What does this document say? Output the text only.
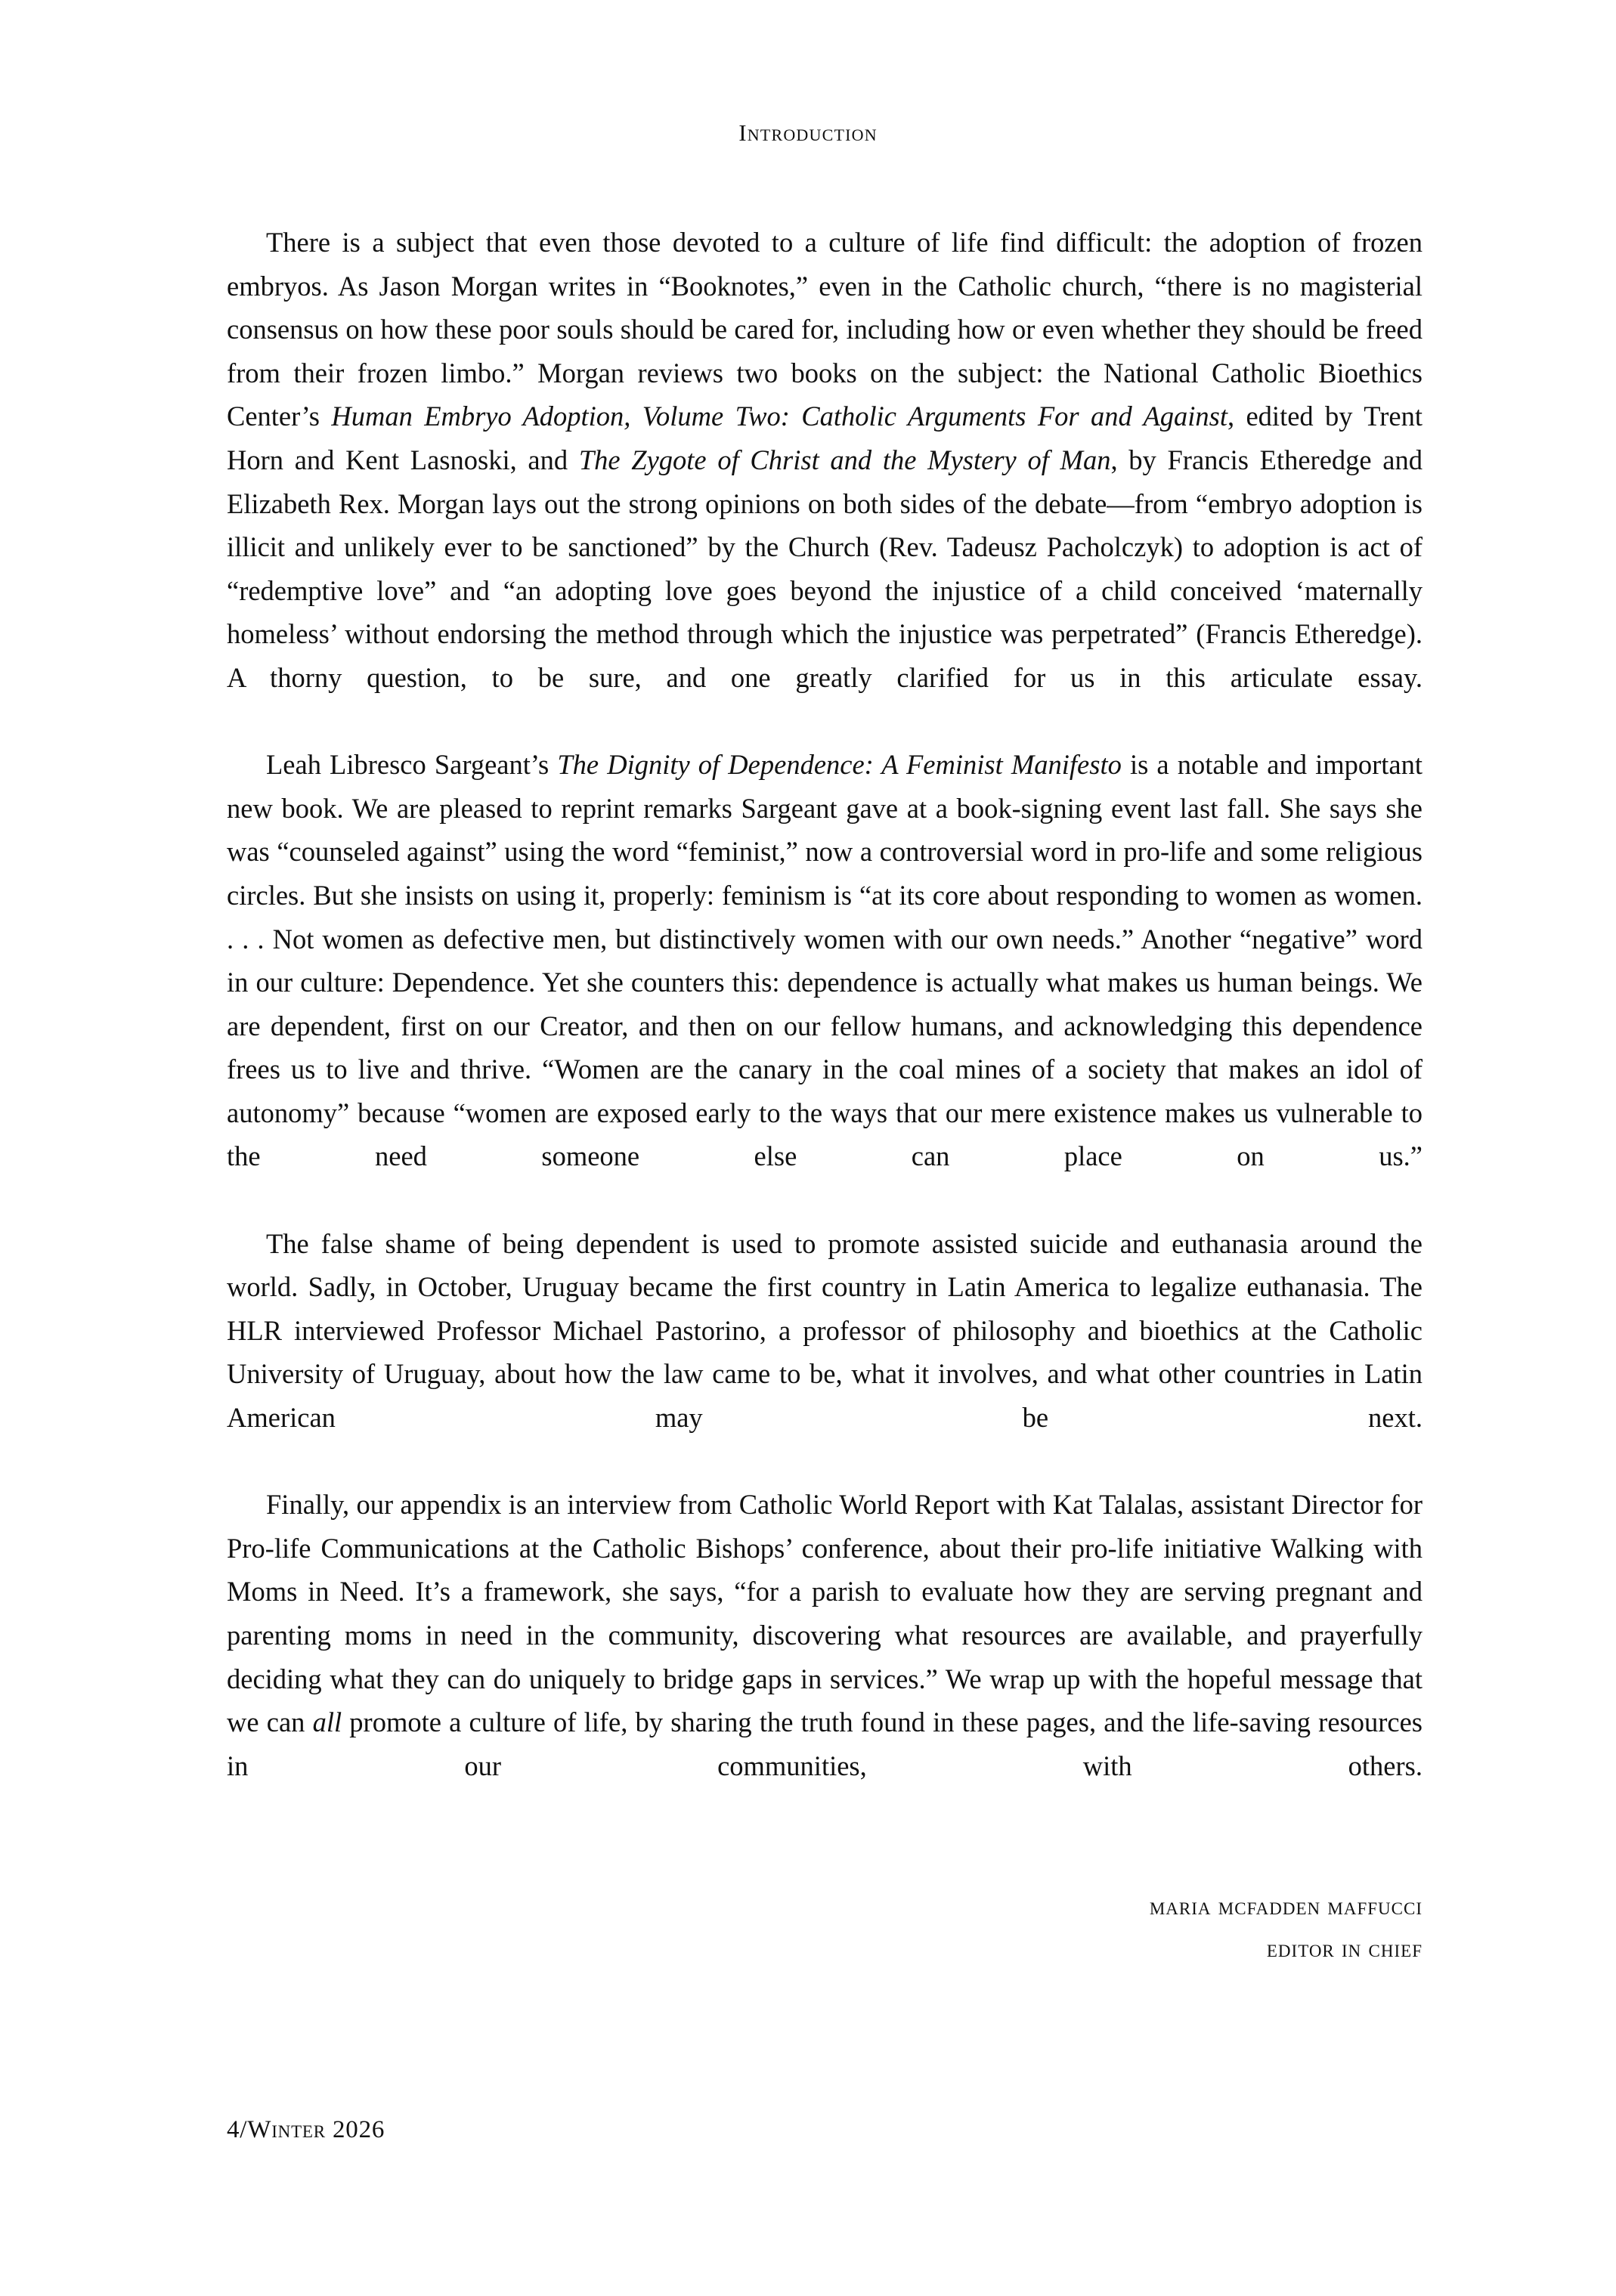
Introduction

There is a subject that even those devoted to a culture of life find difficult: the adoption of frozen embryos. As Jason Morgan writes in “Booknotes,” even in the Catholic church, “there is no magisterial consensus on how these poor souls should be cared for, including how or even whether they should be freed from their frozen limbo.” Morgan reviews two books on the subject: the National Catholic Bioethics Center’s Human Embryo Adoption, Volume Two: Catholic Arguments For and Against, edited by Trent Horn and Kent Lasnoski, and The Zygote of Christ and the Mystery of Man, by Francis Etheredge and Elizabeth Rex. Morgan lays out the strong opinions on both sides of the debate—from “embryo adoption is illicit and unlikely ever to be sanctioned” by the Church (Rev. Tadeusz Pacholczyk) to adoption is act of “redemptive love” and “an adopting love goes beyond the injustice of a child conceived ‘maternally homeless’ without endorsing the method through which the injustice was perpetrated” (Francis Etheredge). A thorny question, to be sure, and one greatly clarified for us in this articulate essay.

Leah Libresco Sargeant’s The Dignity of Dependence: A Feminist Manifesto is a notable and important new book. We are pleased to reprint remarks Sargeant gave at a book-signing event last fall. She says she was “counseled against” using the word “feminist,” now a controversial word in pro-life and some religious circles. But she insists on using it, properly: feminism is “at its core about responding to women as women. . . . Not women as defective men, but distinctively women with our own needs.” Another “negative” word in our culture: Dependence. Yet she counters this: dependence is actually what makes us human beings. We are dependent, first on our Creator, and then on our fellow humans, and acknowledging this dependence frees us to live and thrive. “Women are the canary in the coal mines of a society that makes an idol of autonomy” because “women are exposed early to the ways that our mere existence makes us vulnerable to the need someone else can place on us.”

The false shame of being dependent is used to promote assisted suicide and euthanasia around the world. Sadly, in October, Uruguay became the first country in Latin America to legalize euthanasia. The HLR interviewed Professor Michael Pastorino, a professor of philosophy and bioethics at the Catholic University of Uruguay, about how the law came to be, what it involves, and what other countries in Latin American may be next.

Finally, our appendix is an interview from Catholic World Report with Kat Talalas, assistant Director for Pro-life Communications at the Catholic Bishops’ conference, about their pro-life initiative Walking with Moms in Need. It’s a framework, she says, “for a parish to evaluate how they are serving pregnant and parenting moms in need in the community, discovering what resources are available, and prayerfully deciding what they can do uniquely to bridge gaps in services.” We wrap up with the hopeful message that we can all promote a culture of life, by sharing the truth found in these pages, and the life-saving resources in our communities, with others.

maria mcfadden maffucci
editor in chief
4/Winter 2026
